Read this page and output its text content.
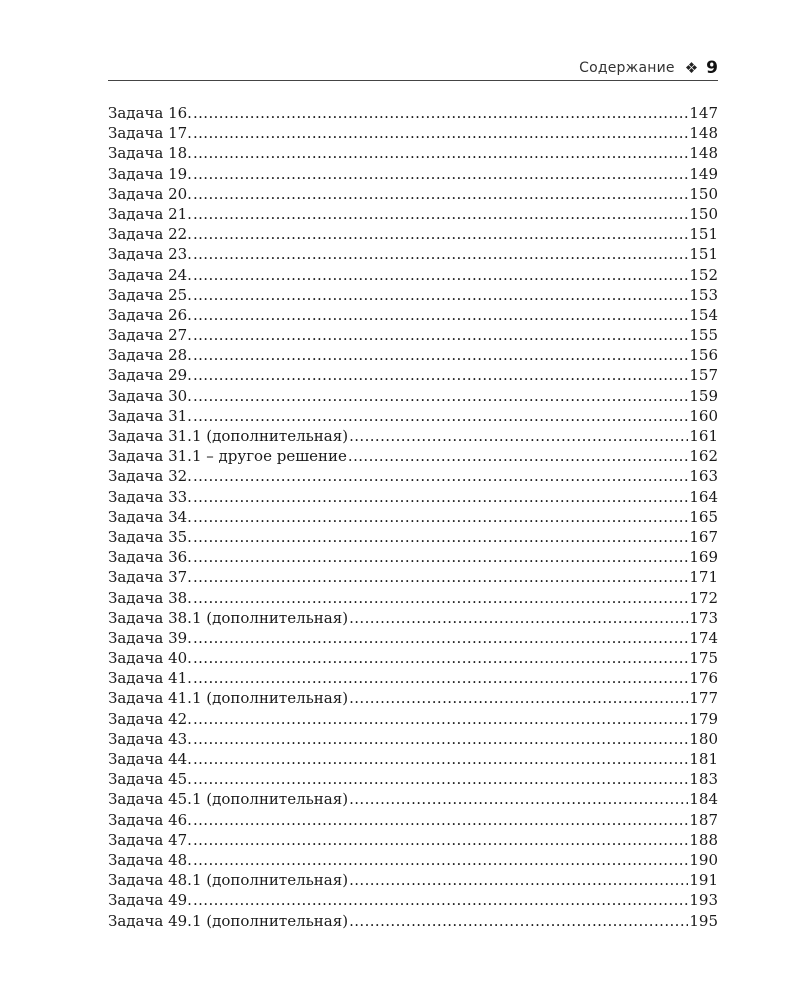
Содержание ❖ 9
Задача 16. .....	147
Задача 17. .....	148
Задача 18. .....	148
Задача 19. .....	149
Задача 20. .....	150
Задача 21. .....	150
Задача 22. .....	151
Задача 23. .....	151
Задача 24. .....	152
Задача 25. .....	153
Задача 26. .....	154
Задача 27. .....	155
Задача 28. .....	156
Задача 29. .....	157
Задача 30. .....	159
Задача 31. .....	160
Задача 31.1 (дополнительная) .....	161
Задача 31.1 – другое решение .....	162
Задача 32. .....	163
Задача 33. .....	164
Задача 34. .....	165
Задача 35. .....	167
Задача 36. .....	169
Задача 37. .....	171
Задача 38. .....	172
Задача 38.1 (дополнительная) .....	173
Задача 39. .....	174
Задача 40. .....	175
Задача 41. .....	176
Задача 41.1 (дополнительная) .....	177
Задача 42. .....	179
Задача 43. .....	180
Задача 44. .....	181
Задача 45. .....	183
Задача 45.1 (дополнительная) .....	184
Задача 46. .....	187
Задача 47. .....	188
Задача 48. .....	190
Задача 48.1 (дополнительная) .....	191
Задача 49. .....	193
Задача 49.1 (дополнительная) .....	195
